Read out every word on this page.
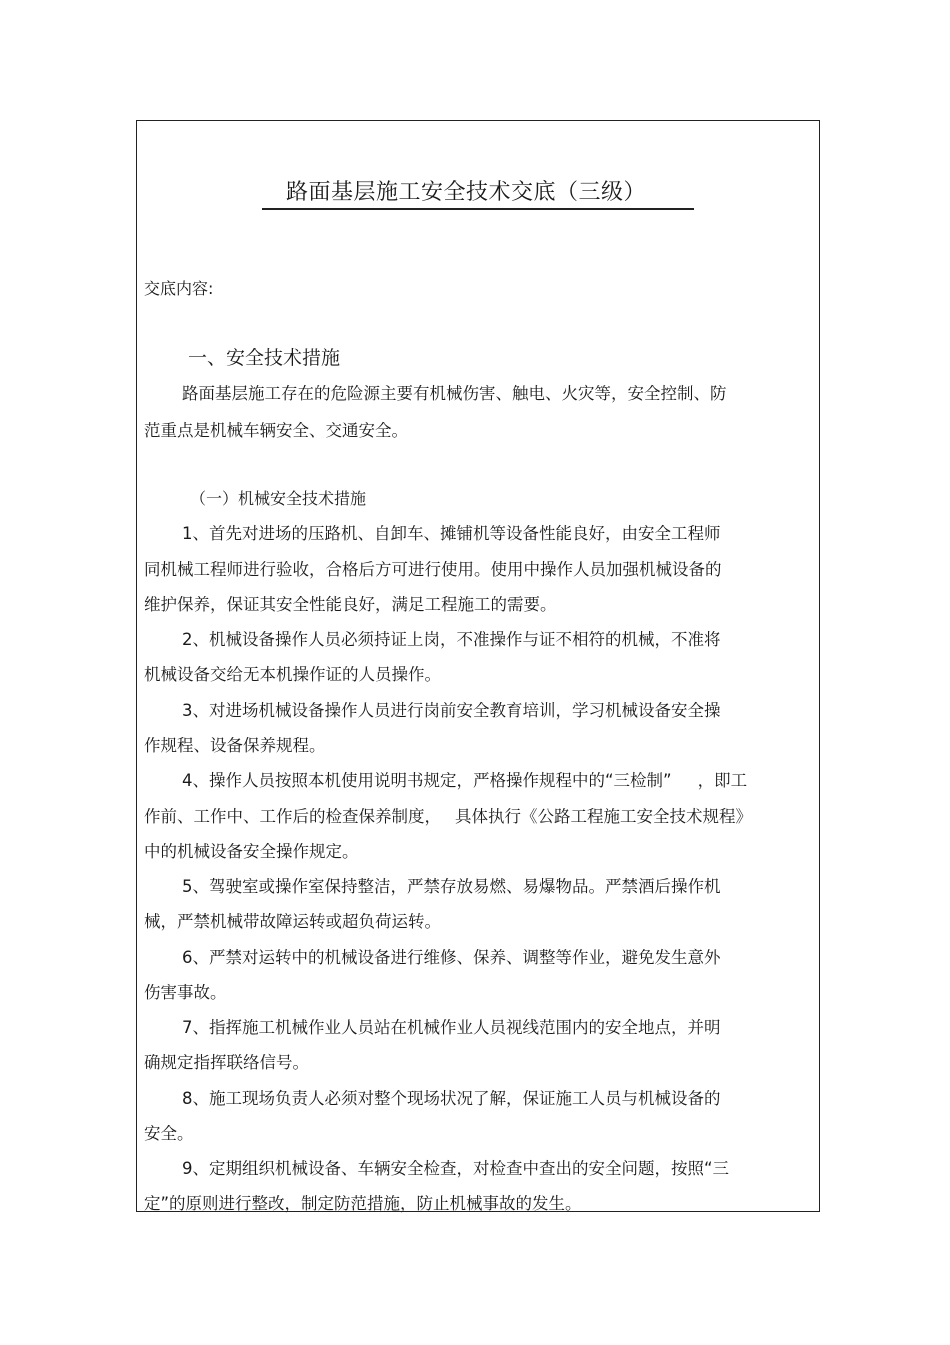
路面基层施工安全技术交底（三级）
交底内容:
一、安全技术措施
路面基层施工存在的危险源主要有机械伤害、触电、火灾等，安全控制、防
范重点是机械车辆安全、交通安全。
（一）机械安全技术措施
1、首先对进场的压路机、自卸车、摊铺机等设备性能良好，由安全工程师
同机械工程师进行验收，合格后方可进行使用。使用中操作人员加强机械设备的
维护保养，保证其安全性能良好，满足工程施工的需要。
2、机械设备操作人员必须持证上岗，不准操作与证不相符的机械，不准将
机械设备交给无本机操作证的人员操作。
3、对进场机械设备操作人员进行岗前安全教育培训，学习机械设备安全操
作规程、设备保养规程。
4、操作人员按照本机使用说明书规定，严格操作规程中的“三检制” ，即工
作前、工作中、工作后的检查保养制度， 具体执行《公路工程施工安全技术规程》
中的机械设备安全操作规定。
5、驾驶室或操作室保持整洁，严禁存放易燃、易爆物品。严禁酒后操作机
械，严禁机械带故障运转或超负荷运转。
6、严禁对运转中的机械设备进行维修、保养、调整等作业，避免发生意外
伤害事故。
7、指挥施工机械作业人员站在机械作业人员视线范围内的安全地点，并明
确规定指挥联络信号。
8、施工现场负责人必须对整个现场状况了解，保证施工人员与机械设备的
安全。
9、定期组织机械设备、车辆安全检查，对检查中查出的安全问题，按照“三
定”的原则进行整改，制定防范措施，防止机械事故的发生。
